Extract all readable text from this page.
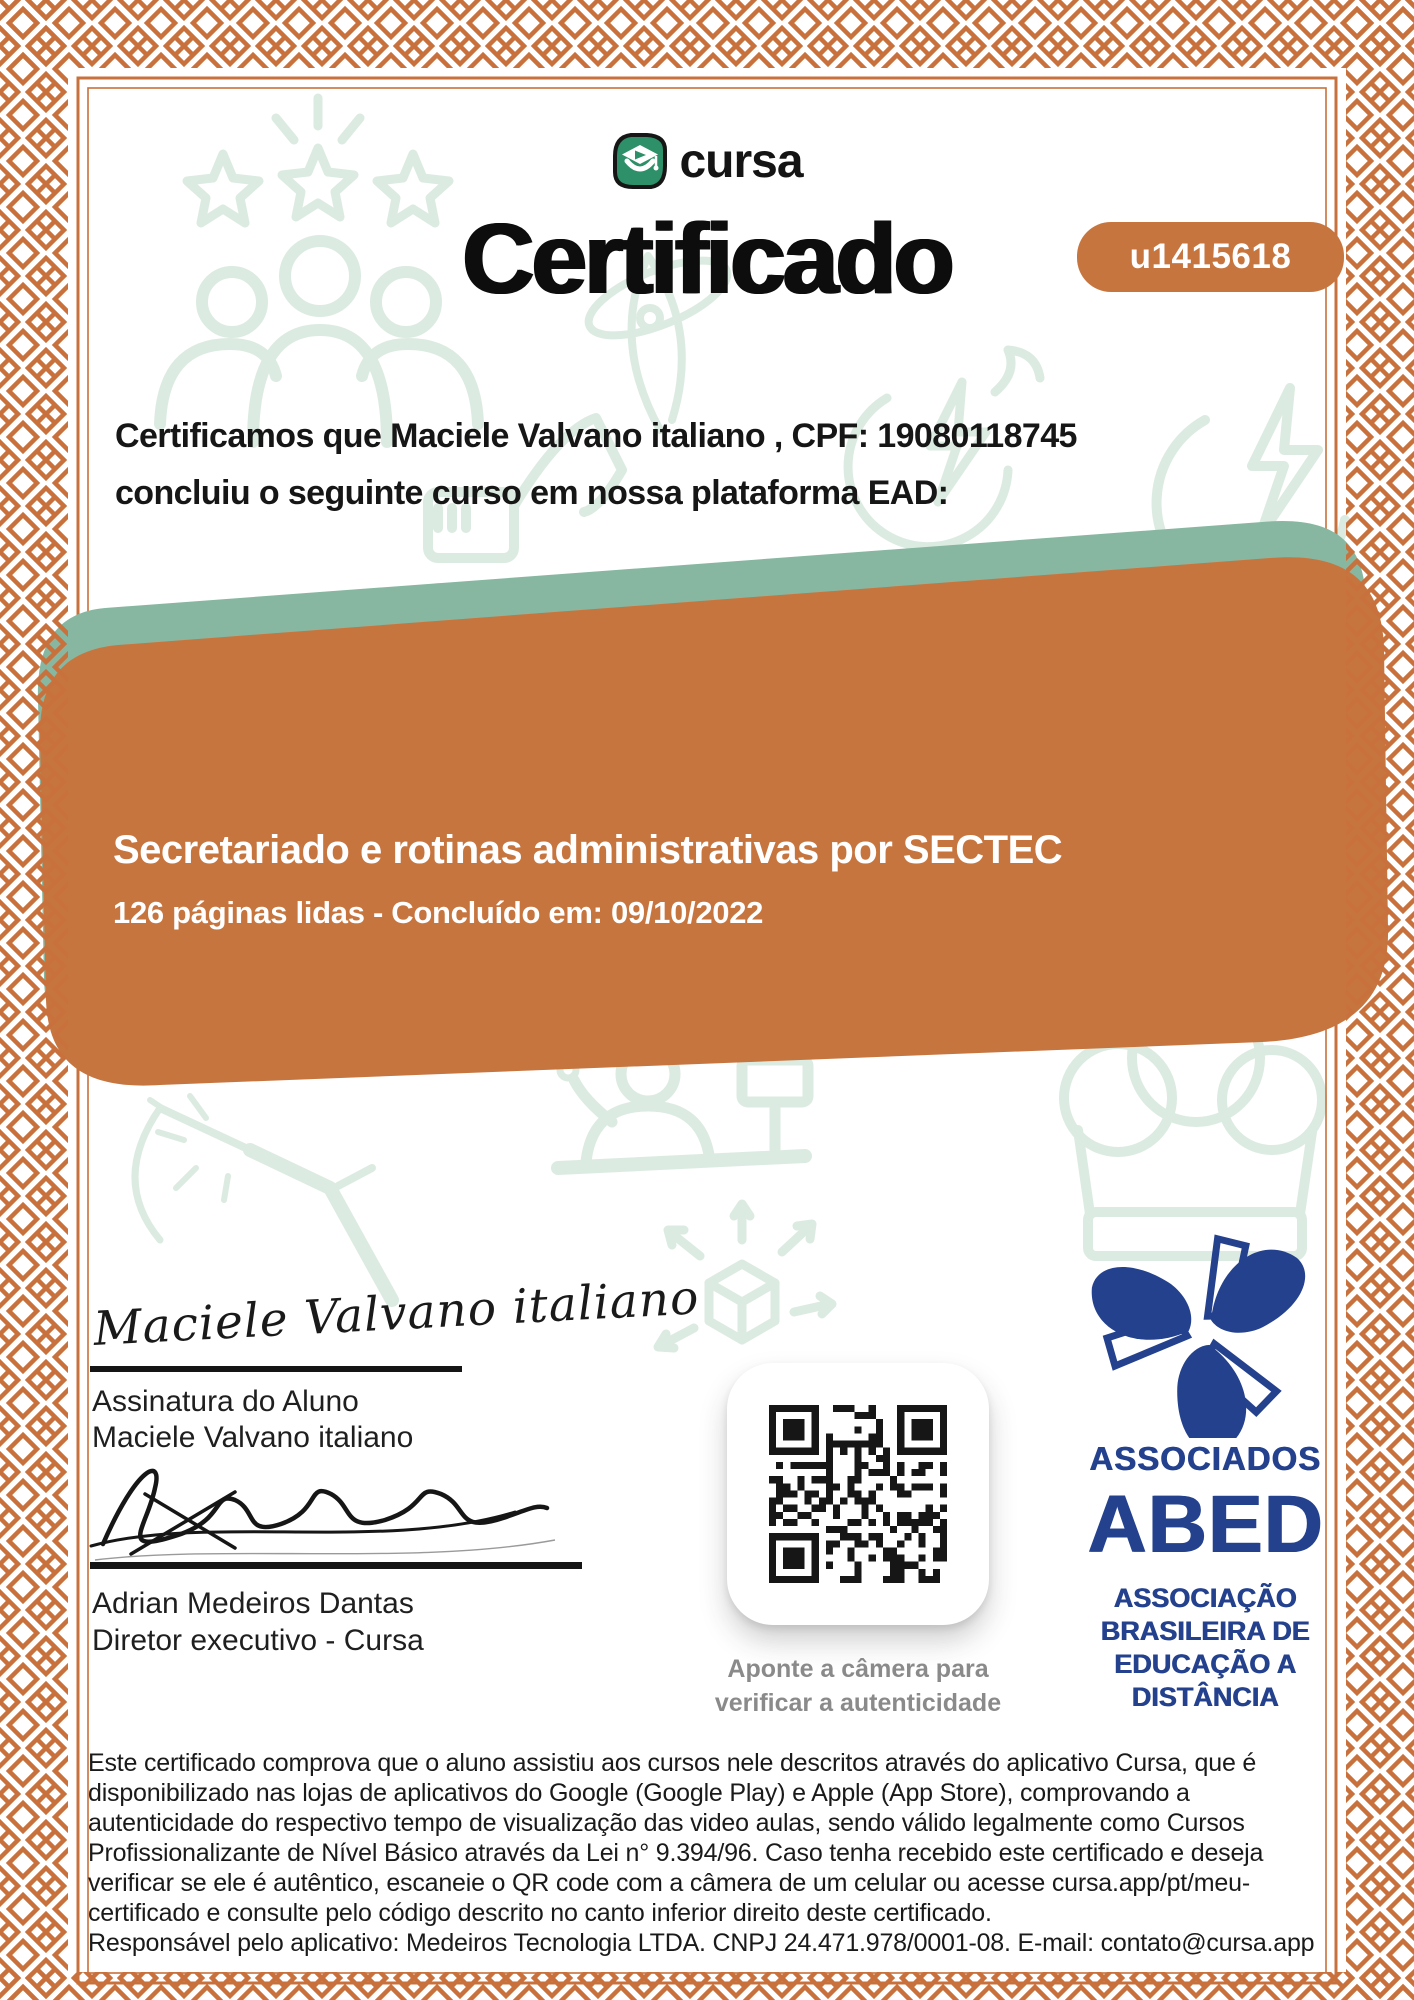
cursa
Certificado	u1415618
Certificamos que Maciele Valvano italiano , CPF: 19080118745
concluiu o seguinte curso em nossa plataforma EAD:
Secretariado e rotinas administrativas por SECTEC
126 páginas lidas - Concluído em: 09/10/2022
Maciele Valvano italiano
Assinatura do Aluno
Maciele Valvano italiano
Adrian Medeiros Dantas
Diretor executivo - Cursa
Aponte a câmera para
verificar a autenticidade
ASSOCIADOS
ABED
ASSOCIAÇÃO
BRASILEIRA DE
EDUCAÇÃO A
DISTÂNCIA
Este certificado comprova que o aluno assistiu aos cursos nele descritos através do aplicativo Cursa, que é disponibilizado nas lojas de aplicativos do Google (Google Play) e Apple (App Store), comprovando a autenticidade do respectivo tempo de visualização das video aulas, sendo válido legalmente como Cursos Profissionalizante de Nível Básico através da Lei n° 9.394/96. Caso tenha recebido este certificado e deseja verificar se ele é autêntico, escaneie o QR code com a câmera de um celular ou acesse cursa.app/pt/meu-certificado e consulte pelo código descrito no canto inferior direito deste certificado.
Responsável pelo aplicativo: Medeiros Tecnologia LTDA. CNPJ 24.471.978/0001-08. E-mail: contato@cursa.app
